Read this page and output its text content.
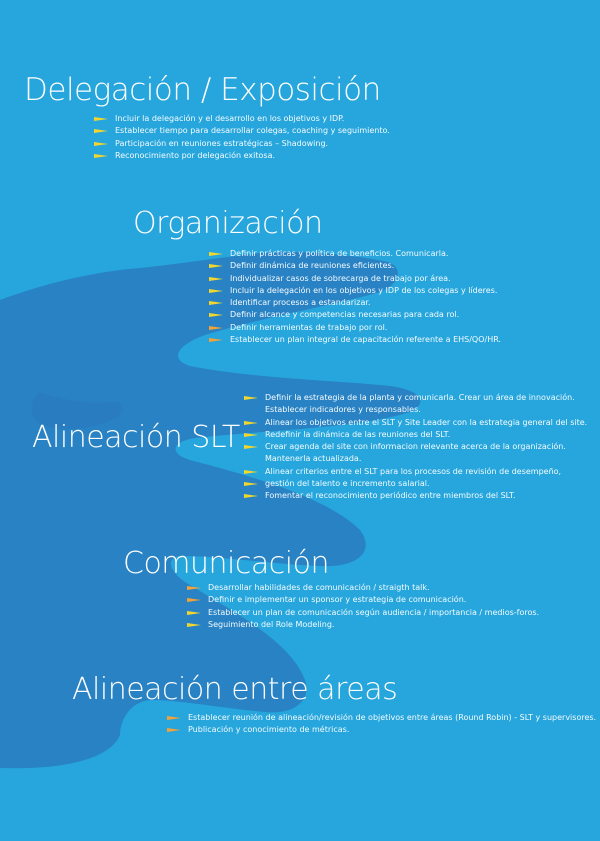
Delegación / Exposición
Incluir la delegación y el desarrollo en los objetivos y IDP.
Establecer tiempo para desarrollar colegas, coaching y seguimiento.
Participación en reuniones estratégicas – Shadowing.
Reconocimiento por delegación exitosa.
Organización
Definir prácticas y política de beneficios. Comunicarla.
Definir dinámica de reuniones eficientes.
Individualizar casos de sobrecarga de trabajo por área.
Incluir la delegación en los objetivos y IDP de los colegas y líderes.
Identificar procesos a estandarizar.
Definir alcance y competencias necesarias para cada rol.
Definir herramientas de trabajo por rol.
Establecer un plan integral de capacitación referente a EHS/QO/HR.
Alineación SLT
Definir la estrategia de la planta y comunicarla. Crear un área de innovación.
Establecer indicadores y responsables.
Alinear los objetivos entre el SLT y Site Leader con la estrategia general del site.
Redefinir la dinámica de las reuniones del SLT.
Crear agenda del site con informacion relevante acerca de la organización.
Mantenerla actualizada.
Alinear criterios entre el SLT para los procesos de revisión de desempeño,
gestión del talento e incremento salarial.
Fomentar el reconocimiento periódico entre miembros del SLT.
Comunicación
Desarrollar habilidades de comunicación / straigth talk.
Definir e implementar un sponsor y estrategia de comunicación.
Establecer un plan de comunicación según audiencia / importancia / medios-foros.
Seguimiento del Role Modeling.
Alineación entre áreas
Establecer reunión de alineación/revisión de objetivos entre áreas (Round Robin) - SLT y supervisores.
Publicación y conocimiento de métricas.
